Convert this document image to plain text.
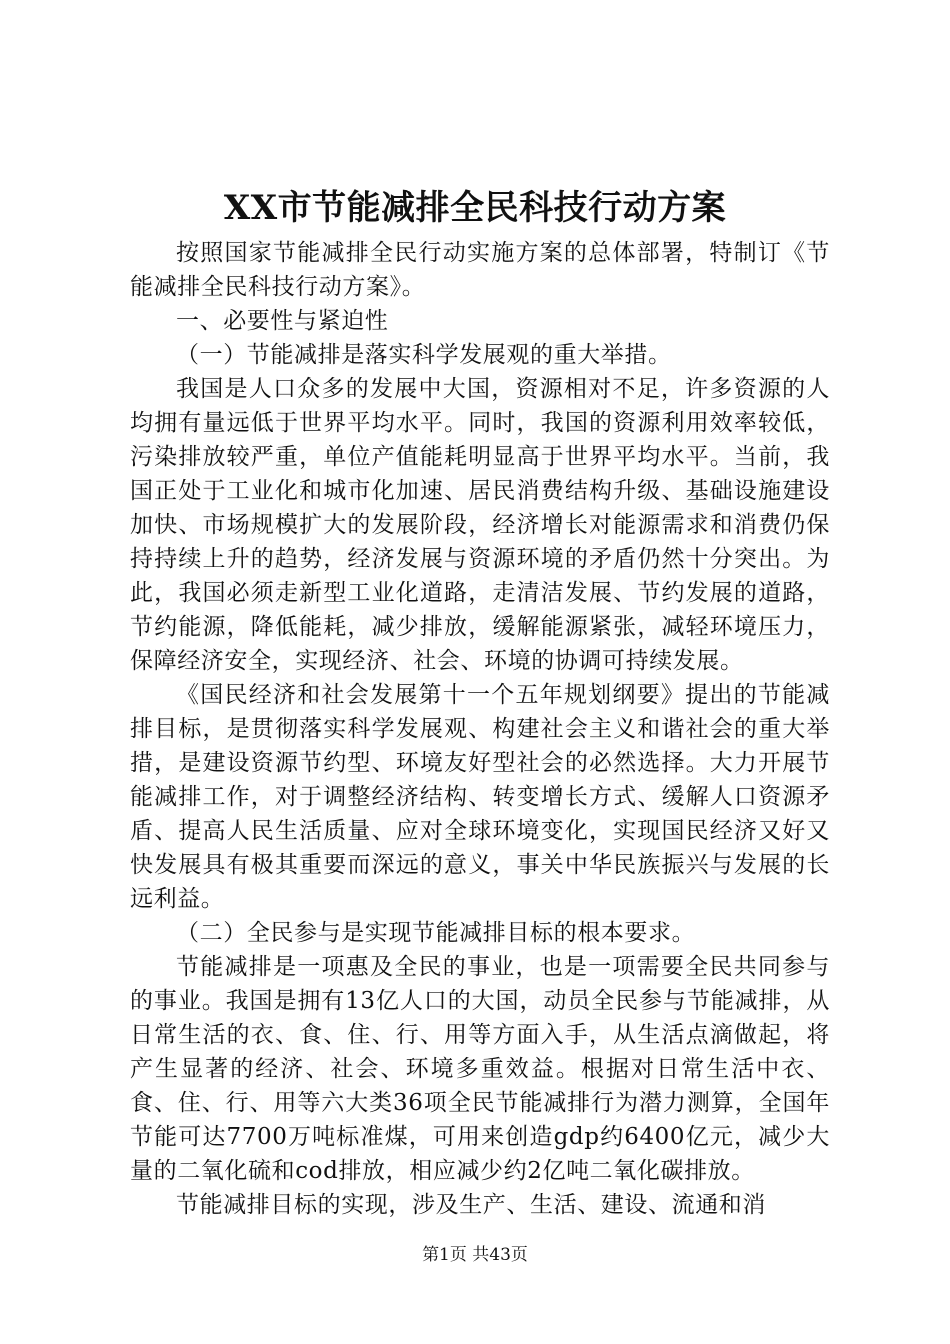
XX市节能减排全民科技行动方案

按照国家节能减排全民行动实施方案的总体部署，特制订《节能减排全民科技行动方案》。

一、必要性与紧迫性

（一）节能减排是落实科学发展观的重大举措。

我国是人口众多的发展中大国，资源相对不足，许多资源的人均拥有量远低于世界平均水平。同时，我国的资源利用效率较低，污染排放较严重，单位产值能耗明显高于世界平均水平。当前，我国正处于工业化和城市化加速、居民消费结构升级、基础设施建设加快、市场规模扩大的发展阶段，经济增长对能源需求和消费仍保持持续上升的趋势，经济发展与资源环境的矛盾仍然十分突出。为此，我国必须走新型工业化道路，走清洁发展、节约发展的道路，节约能源，降低能耗，减少排放，缓解能源紧张，减轻环境压力，保障经济安全，实现经济、社会、环境的协调可持续发展。

《国民经济和社会发展第十一个五年规划纲要》提出的节能减排目标，是贯彻落实科学发展观、构建社会主义和谐社会的重大举措，是建设资源节约型、环境友好型社会的必然选择。大力开展节能减排工作，对于调整经济结构、转变增长方式、缓解人口资源矛盾、提高人民生活质量、应对全球环境变化，实现国民经济又好又快发展具有极其重要而深远的意义，事关中华民族振兴与发展的长远利益。

（二）全民参与是实现节能减排目标的根本要求。

节能减排是一项惠及全民的事业，也是一项需要全民共同参与的事业。我国是拥有13亿人口的大国，动员全民参与节能减排，从日常生活的衣、食、住、行、用等方面入手，从生活点滴做起，将产生显著的经济、社会、环境多重效益。根据对日常生活中衣、食、住、行、用等六大类36项全民节能减排行为潜力测算，全国年节能可达7700万吨标准煤，可用来创造gdp约6400亿元，减少大量的二氧化硫和cod排放，相应减少约2亿吨二氧化碳排放。

节能减排目标的实现，涉及生产、生活、建设、流通和消

第1页 共43页
